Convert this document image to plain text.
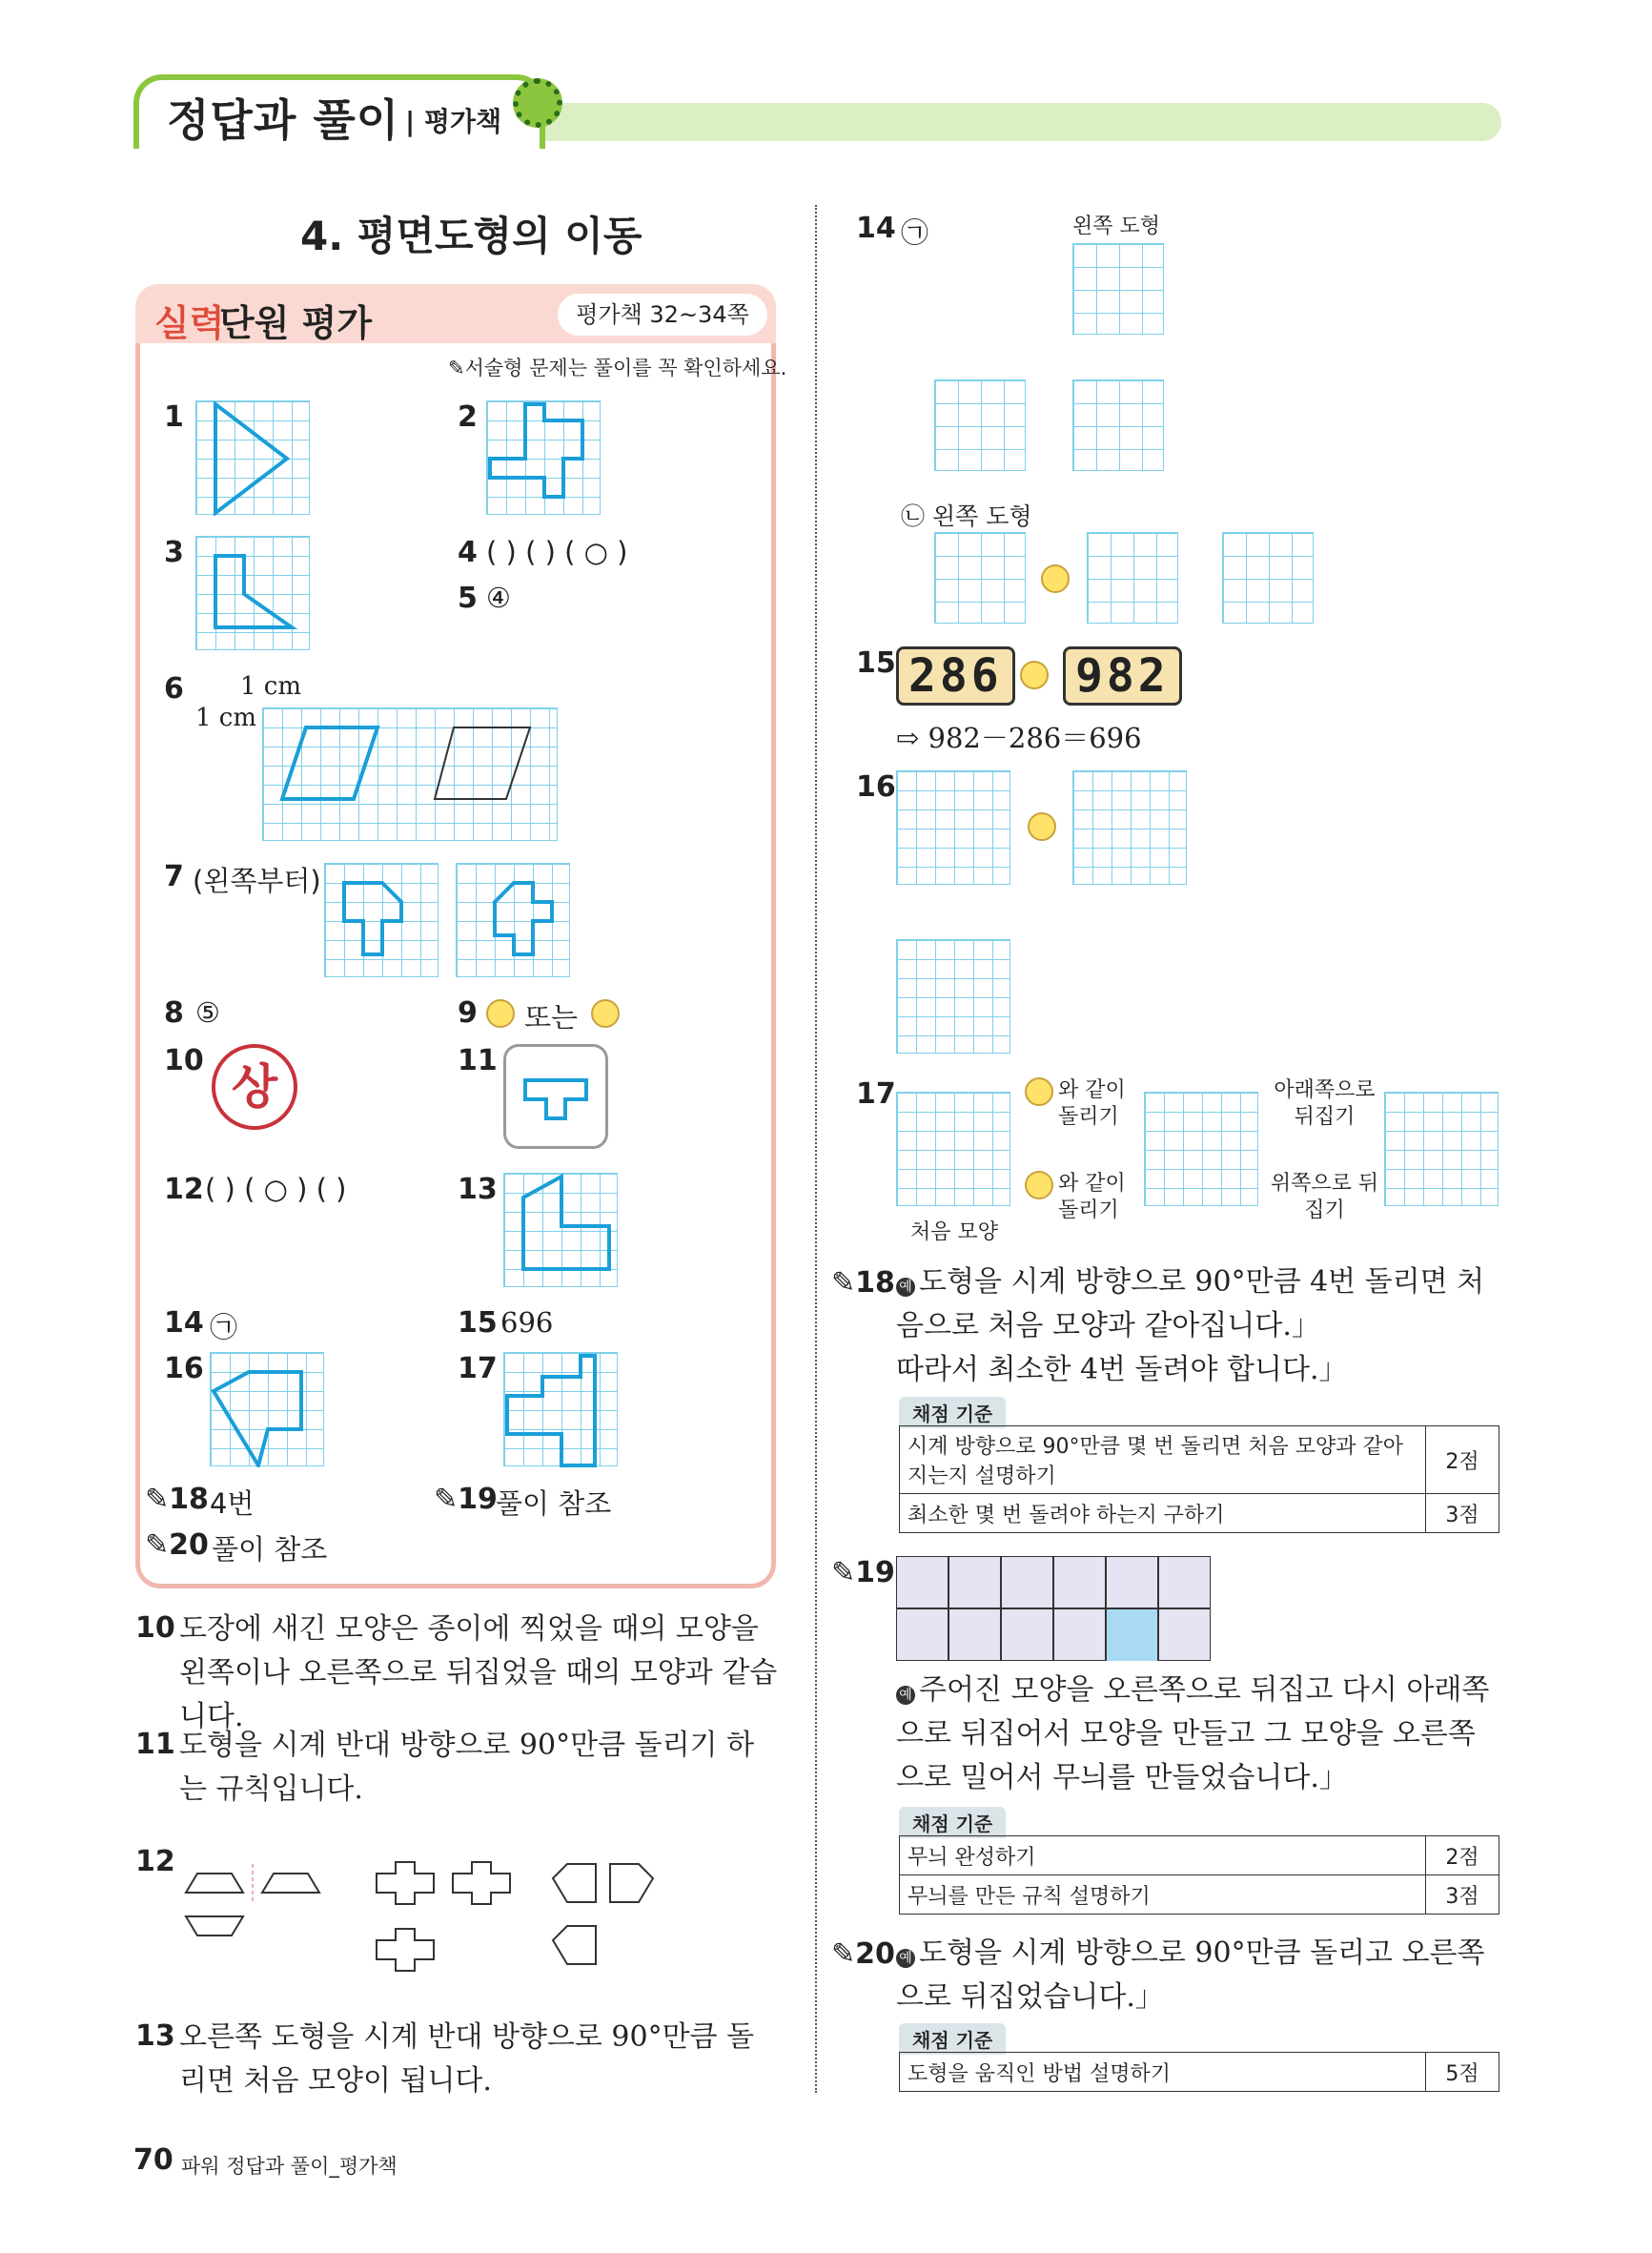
정답과 풀이 | 평가책
4. 평면도형의 이동
실력
단원 평가	평가책 32~34쪽
✎서술형 문제는 풀이를 꼭 확인하세요.
1	2
3	4 ( ) ( ) ( ○ )
5 ④
6 1 cm
1 cm
7 (왼쪽부터)
8 ⑤	9 또는
10 상	11
12 ( ) ( ○ ) ( )	13
14 ㉠	15 696
16	17
✎18 4번	✎19
풀이 참조
✎20 풀이 참조
10 도장에 새긴 모양은 종이에 찍었을 때의 모양을 왼쪽이나 오른쪽으로 뒤집었을 때의 모양과 같습니다.
11 도형을 시계 반대 방향으로 90°만큼 돌리기 하는 규칙입니다.
12
13 오른쪽 도형을 시계 반대 방향으로 90°만큼 돌리면 처음 모양이 됩니다.
14 ㉠	왼쪽 도형
㉡ 왼쪽 도형
15 286 982
⇨ 982－286＝696
16
17
처음 모양
와 같이 돌리기
와 같이 돌리기
아래쪽으로 뒤집기
위쪽으로 뒤집기
✎18 예 도형을 시계 방향으로 90°만큼 4번 돌리면 처음으로 처음 모양과 같아집니다.」
따라서 최소한 4번 돌려야 합니다.」
채점 기준
시계 방향으로 90°만큼 몇 번 돌리면 처음 모양과 같아지는지 설명하기	2점
최소한 몇 번 돌려야 하는지 구하기	3점
✎19
예 주어진 모양을 오른쪽으로 뒤집고 다시 아래쪽으로 뒤집어서 모양을 만들고 그 모양을 오른쪽으로 밀어서 무늬를 만들었습니다.」
채점 기준
무늬 완성하기	2점
무늬를 만든 규칙 설명하기	3점
✎20 예 도형을 시계 방향으로 90°만큼 돌리고 오른쪽으로 뒤집었습니다.」
채점 기준
도형을 움직인 방법 설명하기	5점
70 파워 정답과 풀이_평가책
